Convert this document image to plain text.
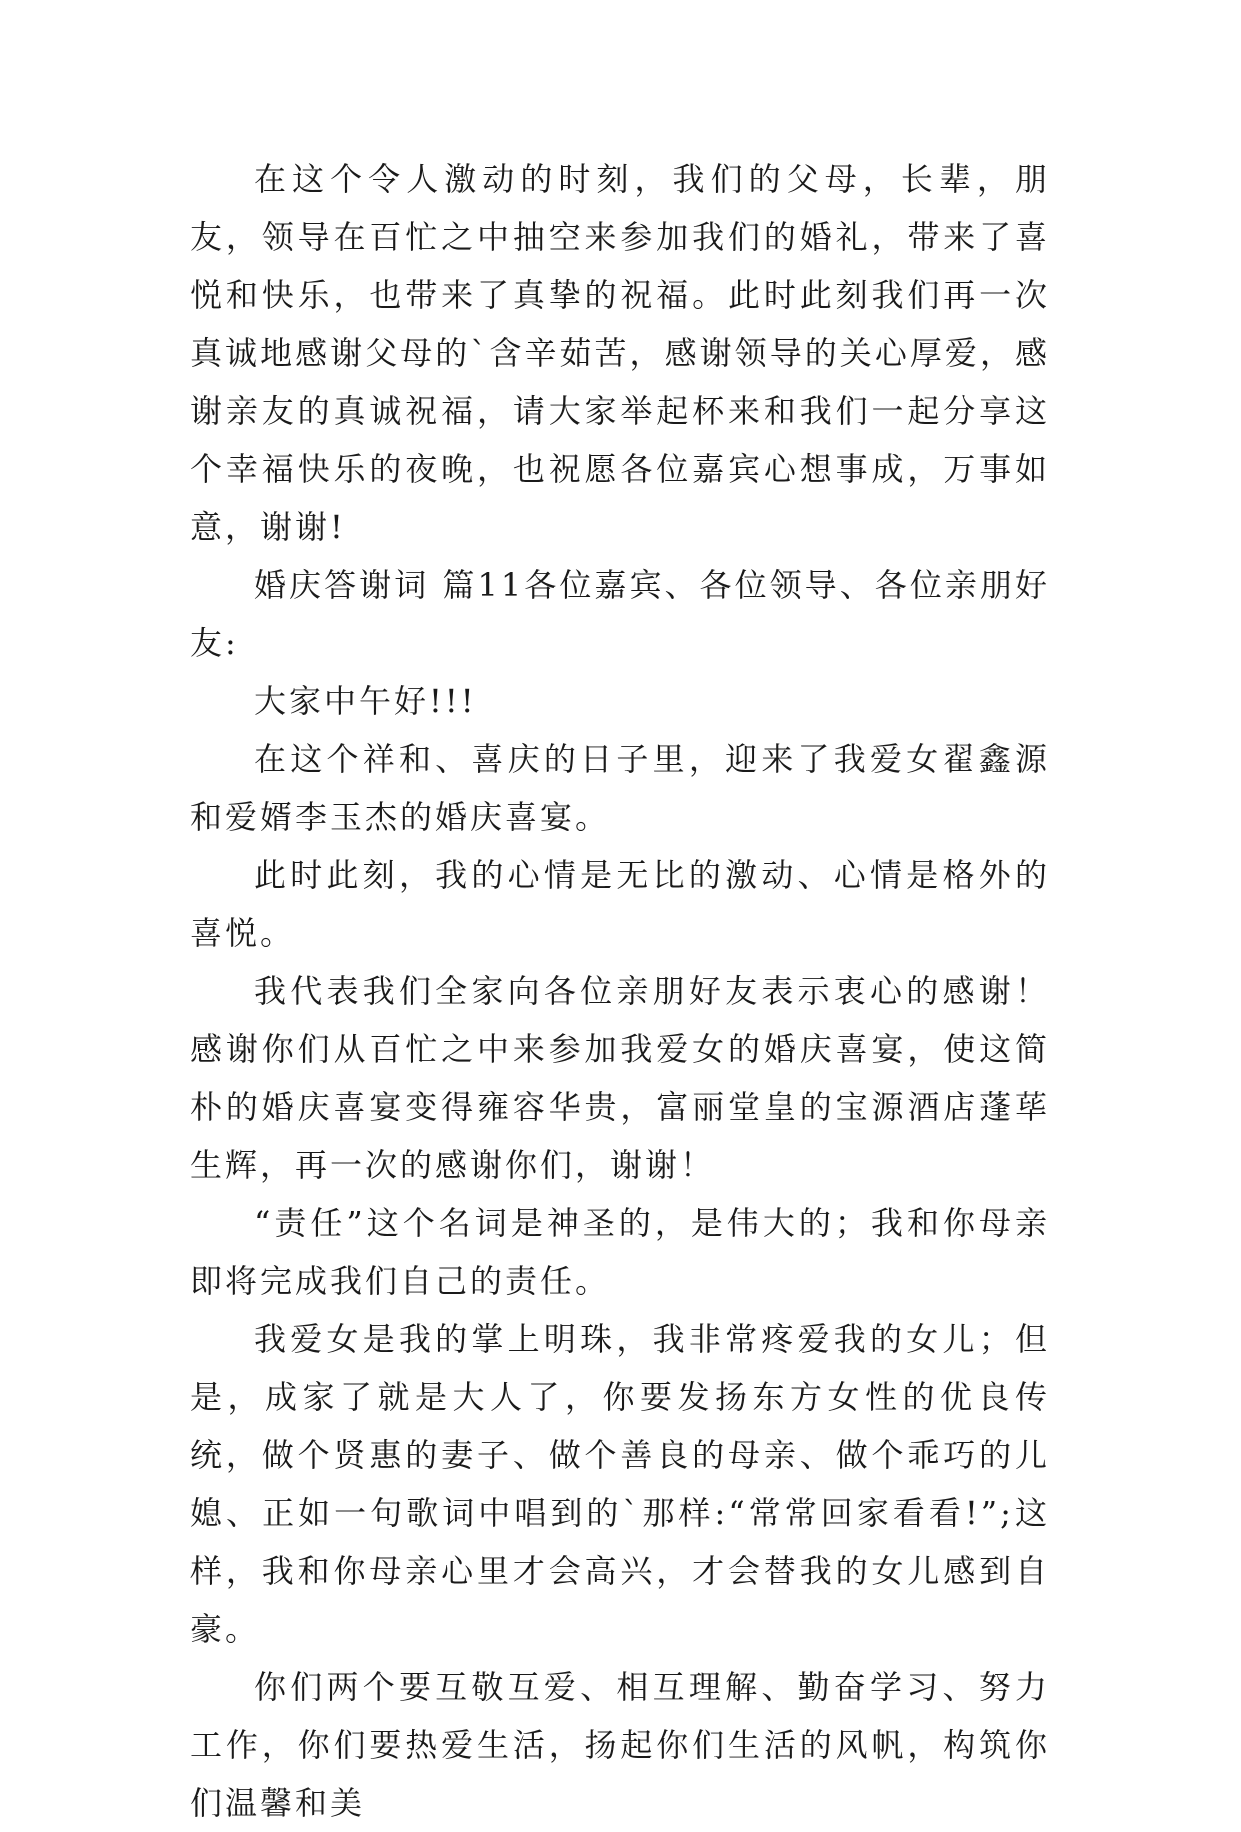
在这个令人激动的时刻，我们的父母，长辈，朋友，领导在百忙之中抽空来参加我们的婚礼，带来了喜悦和快乐，也带来了真挚的祝福。此时此刻我们再一次真诚地感谢父母的`含辛茹苦，感谢领导的关心厚爱，感谢亲友的真诚祝福，请大家举起杯来和我们一起分享这个幸福快乐的夜晚，也祝愿各位嘉宾心想事成，万事如意，谢谢!

婚庆答谢词 篇11各位嘉宾、各位领导、各位亲朋好友:

大家中午好!!!

在这个祥和、喜庆的日子里，迎来了我爱女翟鑫源和爱婿李玉杰的婚庆喜宴。

此时此刻，我的心情是无比的激动、心情是格外的喜悦。

我代表我们全家向各位亲朋好友表示衷心的感谢！感谢你们从百忙之中来参加我爱女的婚庆喜宴，使这简朴的婚庆喜宴变得雍容华贵，富丽堂皇的宝源酒店蓬荜生辉，再一次的感谢你们，谢谢！

“责任”这个名词是神圣的，是伟大的；我和你母亲即将完成我们自己的责任。

我爱女是我的掌上明珠，我非常疼爱我的女儿；但是，成家了就是大人了，你要发扬东方女性的优良传统，做个贤惠的妻子、做个善良的母亲、做个乖巧的儿媳、正如一句歌词中唱到的`那样:“常常回家看看!”;这样，我和你母亲心里才会高兴，才会替我的女儿感到自豪。

你们两个要互敬互爱、相互理解、勤奋学习、努力工作，你们要热爱生活，扬起你们生活的风帆，构筑你们温馨和美
